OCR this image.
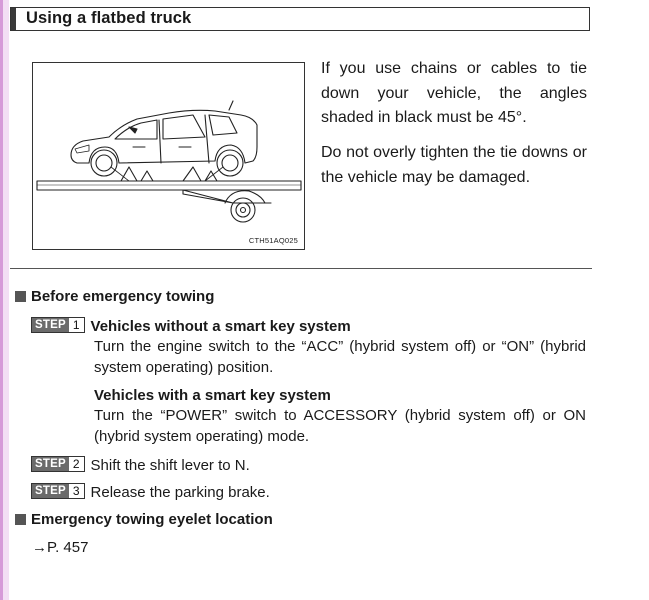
Using a flatbed truck
CTH51AQ025
If you use chains or cables to tie down your vehicle, the angles shaded in black must be 45°.
Do not overly tighten the tie downs or the vehicle may be damaged.
Before emergency towing
STEP 1 Vehicles without a smart key system
Turn the engine switch to the “ACC” (hybrid system off) or “ON” (hybrid system operating) position.
Vehicles with a smart key system
Turn the “POWER” switch to ACCESSORY (hybrid system off) or ON (hybrid system operating) mode.
STEP 2 Shift the shift lever to N.
STEP 3 Release the parking brake.
Emergency towing eyelet location
→P. 457
